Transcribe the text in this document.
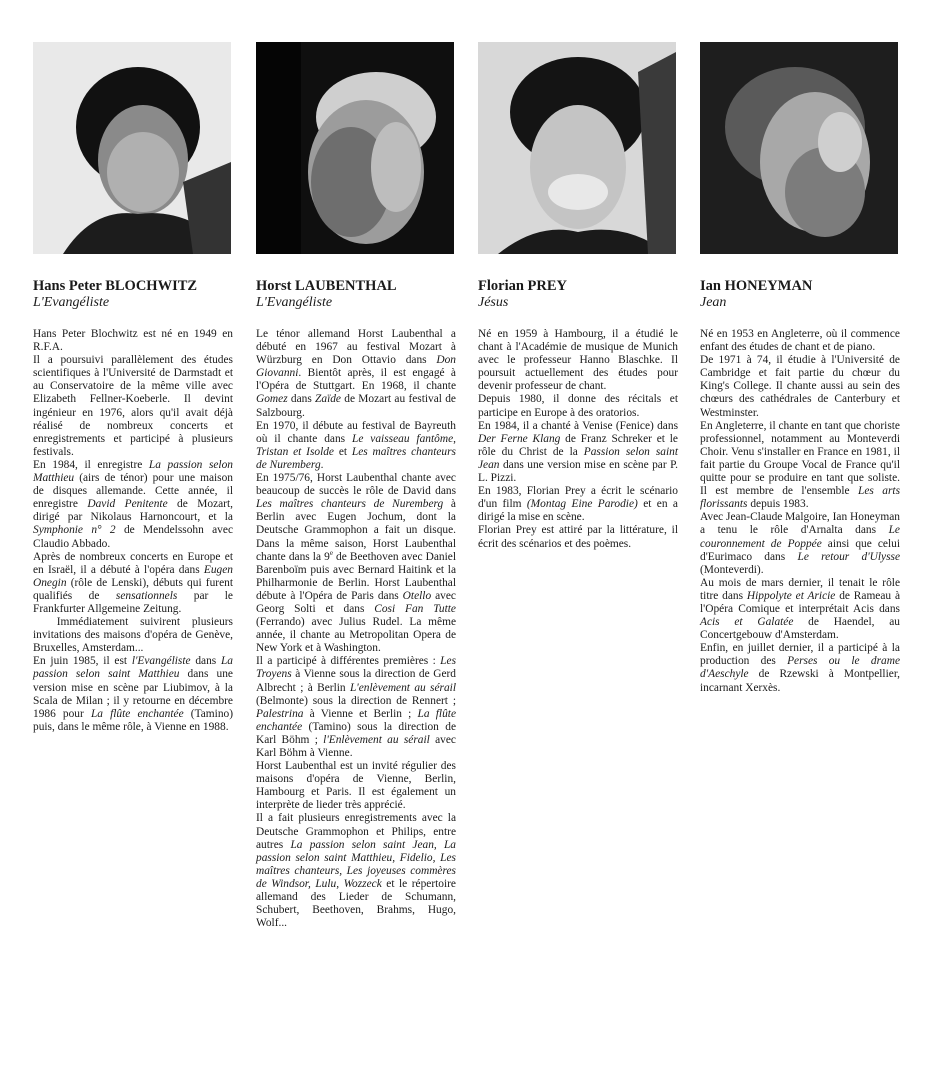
Hans Peter BLOCHWITZ
L'Evangéliste

Hans Peter Blochwitz est né en 1949 en R.F.A.

Il a poursuivi parallèlement des études scientifiques à l'Université de Darmstadt et au Conservatoire de la même ville avec Elizabeth Fellner-Koeberle. Il devint ingénieur en 1976, alors qu'il avait déjà réalisé de nombreux concerts et enregistrements et participé à plusieurs festivals.

En 1984, il enregistre La passion selon Matthieu (airs de ténor) pour une maison de disques allemande. Cette année, il enregistre David Penitente de Mozart, dirigé par Nikolaus Harnoncourt, et la Symphonie n° 2 de Mendelssohn avec Claudio Abbado.

Après de nombreux concerts en Europe et en Israël, il a débuté à l'opéra dans Eugen Onegin (rôle de Lenski), débuts qui furent qualifiés de sensationnels par le Frankfurter Allgemeine Zeitung.

Immédiatement suivirent plusieurs invitations des maisons d'opéra de Genève, Bruxelles, Amsterdam...

En juin 1985, il est l'Evangéliste dans La passion selon saint Matthieu dans une version mise en scène par Liubimov, à la Scala de Milan ; il y retourne en décembre 1986 pour La flûte enchantée (Tamino) puis, dans le même rôle, à Vienne en 1988.

Horst LAUBENTHAL
L'Evangéliste

Le ténor allemand Horst Laubenthal a débuté en 1967 au festival Mozart à Würzburg en Don Ottavio dans Don Giovanni. Bientôt après, il est engagé à l'Opéra de Stuttgart. En 1968, il chante Gomez dans Zaïde de Mozart au festival de Salzbourg.

En 1970, il débute au festival de Bayreuth où il chante dans Le vaisseau fantôme, Tristan et Isolde et Les maîtres chanteurs de Nuremberg.

En 1975/76, Horst Laubenthal chante avec beaucoup de succès le rôle de David dans Les maîtres chanteurs de Nuremberg à Berlin avec Eugen Jochum, dont la Deutsche Grammophon a fait un disque. Dans la même saison, Horst Laubenthal chante dans la 9e de Beethoven avec Daniel Barenboïm puis avec Bernard Haitink et la Philharmonie de Berlin. Horst Laubenthal débute à l'Opéra de Paris dans Otello avec Georg Solti et dans Cosi Fan Tutte (Ferrando) avec Julius Rudel. La même année, il chante au Metropolitan Opera de New York et à Washington.

Il a participé à différentes premières : Les Troyens à Vienne sous la direction de Gerd Albrecht ; à Berlin L'enlèvement au sérail (Belmonte) sous la direction de Rennert ; Palestrina à Vienne et Berlin ; La flûte enchantée (Tamino) sous la direction de Karl Böhm ; l'Enlèvement au sérail avec Karl Böhm à Vienne.

Horst Laubenthal est un invité régulier des maisons d'opéra de Vienne, Berlin, Hambourg et Paris. Il est également un interprète de lieder très apprécié.

Il a fait plusieurs enregistrements avec la Deutsche Grammophon et Philips, entre autres La passion selon saint Jean, La passion selon saint Matthieu, Fidelio, Les maîtres chanteurs, Les joyeuses commères de Windsor, Lulu, Wozzeck et le répertoire allemand des Lieder de Schumann, Schubert, Beethoven, Brahms, Hugo, Wolf...

Florian PREY
Jésus

Né en 1959 à Hambourg, il a étudié le chant à l'Académie de musique de Munich avec le professeur Hanno Blaschke. Il poursuit actuellement des études pour devenir professeur de chant.

Depuis 1980, il donne des récitals et participe en Europe à des oratorios.

En 1984, il a chanté à Venise (Fenice) dans Der Ferne Klang de Franz Schreker et le rôle du Christ de la Passion selon saint Jean dans une version mise en scène par P. L. Pizzi.

En 1983, Florian Prey a écrit le scénario d'un film (Montag Eine Parodie) et en a dirigé la mise en scène.

Florian Prey est attiré par la littérature, il écrit des scénarios et des poèmes.

Ian HONEYMAN
Jean

Né en 1953 en Angleterre, où il commence enfant des études de chant et de piano.

De 1971 à 74, il étudie à l'Université de Cambridge et fait partie du chœur du King's College. Il chante aussi au sein des chœurs des cathédrales de Canterbury et Westminster.

En Angleterre, il chante en tant que choriste professionnel, notamment au Monteverdi Choir. Venu s'installer en France en 1981, il fait partie du Groupe Vocal de France qu'il quitte pour se produire en tant que soliste. Il est membre de l'ensemble Les arts florissants depuis 1983.

Avec Jean-Claude Malgoire, Ian Honeyman a tenu le rôle d'Arnalta dans Le couronnement de Poppée ainsi que celui d'Eurimaco dans Le retour d'Ulysse (Monteverdi).

Au mois de mars dernier, il tenait le rôle titre dans Hippolyte et Aricie de Rameau à l'Opéra Comique et interprétait Acis dans Acis et Galatée de Haendel, au Concertgebouw d'Amsterdam.

Enfin, en juillet dernier, il a participé à la production des Perses ou le drame d'Aeschyle de Rzewski à Montpellier, incarnant Xerxès.
